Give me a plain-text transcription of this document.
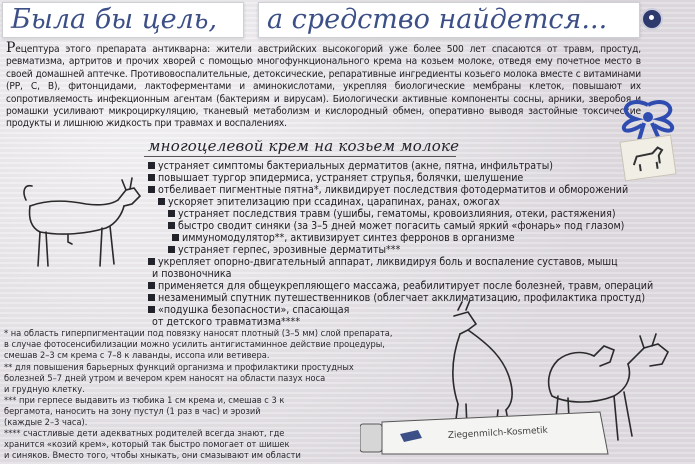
Была бы цель,	а средство найдется...
Рецептура этого препарата антикварна: жители австрийских высокогорий уже более 500 лет спасаются от травм, простуд, ревматизма, артритов и прочих хворей с помощью многофункционального крема на козьем молоке, отведя ему почетное место в своей домашней аптечке. Противовоспалительные, детоксические, репаративные ингредиенты козьего молока вместе с витаминами (РР, С, В), фитонцидами, лактоферментами и аминокислотами, укрепляя биологические мембраны клеток, повышают их сопротивляемость инфекционным агентам (бактериям и вирусам). Биологически активные компоненты сосны, арники, зверобоя и ромашки усиливают микроциркуляцию, тканевый метаболизм и кислородный обмен, оперативно выводя застойные токсические продукты и лишнюю жидкость при травмах и воспалениях.
многоцелевой крем на козьем молоке
устраняет симптомы бактериальных дерматитов (акне, пятна, инфильтраты)
повышает тургор эпидермиса, устраняет струпья, болячки, шелушение
отбеливает пигментные пятна*, ликвидирует последствия фотодерматитов и обморожений
ускоряет эпителизацию при ссадинах, царапинах, ранах, ожогах
устраняет последствия травм (ушибы, гематомы, кровоизлияния, отеки, растяжения)
быстро сводит синяки (за 3–5 дней может погасить самый яркий «фонарь» под глазом)
иммуномодулятор**, активизирует синтез ферронов в организме
устраняет герпес, эрозивные дерматиты***
укрепляет опорно-двигательный аппарат, ликвидируя боль и воспаление суставов, мышц
и позвоночника
применяется для общеукрепляющего массажа, реабилитирует после болезней, травм, операций
незаменимый спутник путешественников (облегчает акклиматизацию, профилактика простуд)
«подушка безопасности», спасающая
от детского травматизма****
* на область гиперпигментации под повязку наносят плотный (3–5 мм) слой препарата,
в случае фотосенсибилизации можно усилить антигистаминное действие процедуры,
смешав 2–3 см крема с 7–8 к лаванды, иссопа или ветивера.
** для повышения барьерных функций организма и профилактики простудных
болезней 5–7 дней утром и вечером крем наносят на области пазух носа
и грудную клетку.
*** при герпесе выдавить из тюбика 1 см крема и, смешав с 3 к
бергамота, наносить на зону пустул (1 раз в час) и эрозий
(каждые 2–3 часа).
**** счастливые дети адекватных родителей всегда знают, где
хранится «козий крем», который так быстро помогает от шишек
и синяков. Вместо того, чтобы хныкать, они смазывают им области
Ziegenmilch-Kosmetik
